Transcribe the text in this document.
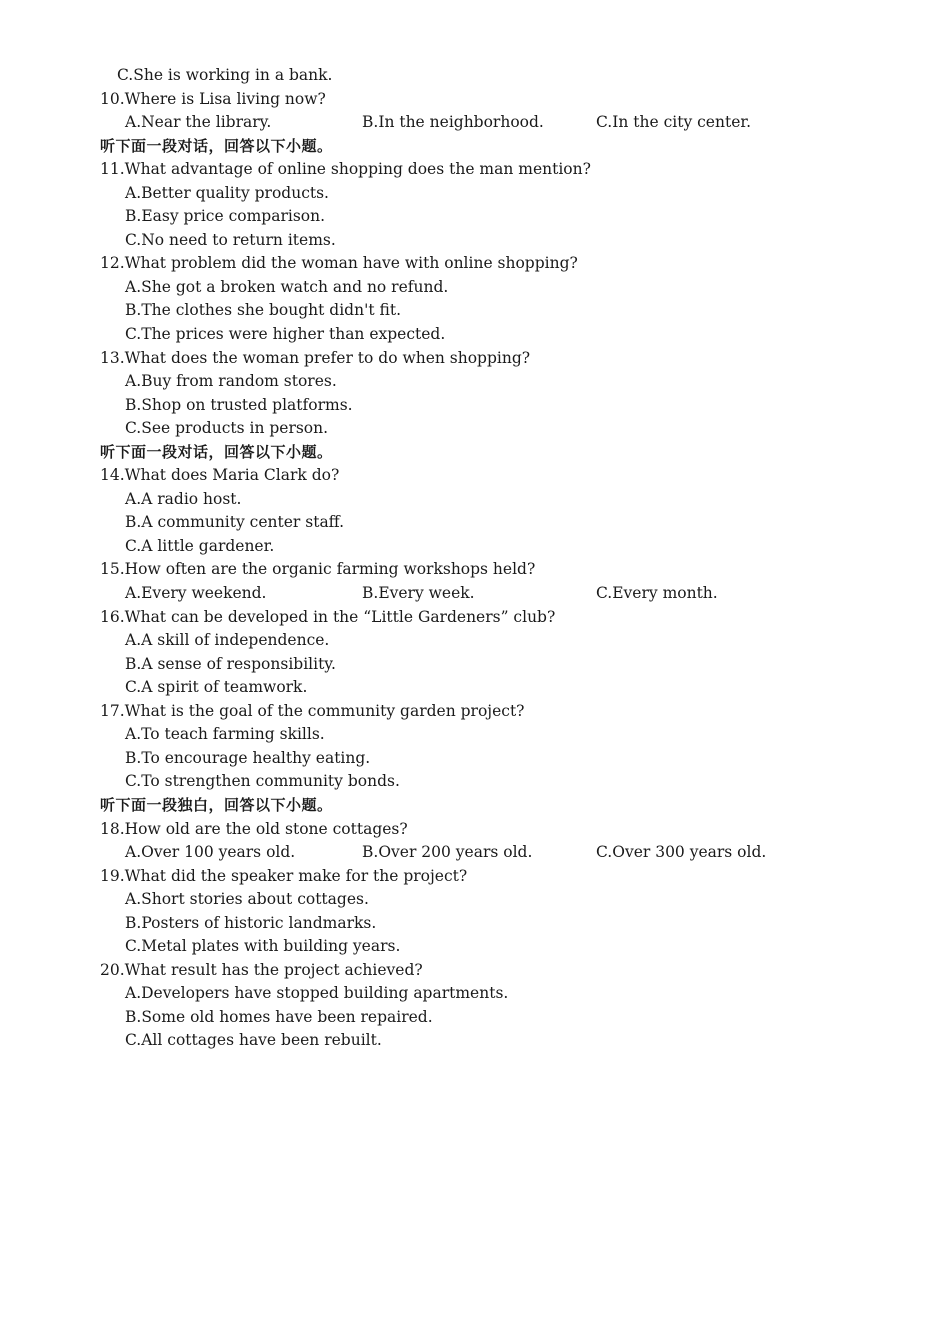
C.She is working in a bank.
10.Where is Lisa living now?
A.Near the library.	B.In the neighborhood.	C.In the city center.
听下面一段对话，回答以下小题。
11.What advantage of online shopping does the man mention?
A.Better quality products.
B.Easy price comparison.
C.No need to return items.
12.What problem did the woman have with online shopping?
A.She got a broken watch and no refund.
B.The clothes she bought didn't fit.
C.The prices were higher than expected.
13.What does the woman prefer to do when shopping?
A.Buy from random stores.
B.Shop on trusted platforms.
C.See products in person.
听下面一段对话，回答以下小题。
14.What does Maria Clark do?
A.A radio host.
B.A community center staff.
C.A little gardener.
15.How often are the organic farming workshops held?
A.Every weekend.	B.Every week.	C.Every month.
16.What can be developed in the “Little Gardeners” club?
A.A skill of independence.
B.A sense of responsibility.
C.A spirit of teamwork.
17.What is the goal of the community garden project?
A.To teach farming skills.
B.To encourage healthy eating.
C.To strengthen community bonds.
听下面一段独白，回答以下小题。
18.How old are the old stone cottages?
A.Over 100 years old.	B.Over 200 years old.	C.Over 300 years old.
19.What did the speaker make for the project?
A.Short stories about cottages.
B.Posters of historic landmarks.
C.Metal plates with building years.
20.What result has the project achieved?
A.Developers have stopped building apartments.
B.Some old homes have been repaired.
C.All cottages have been rebuilt.
